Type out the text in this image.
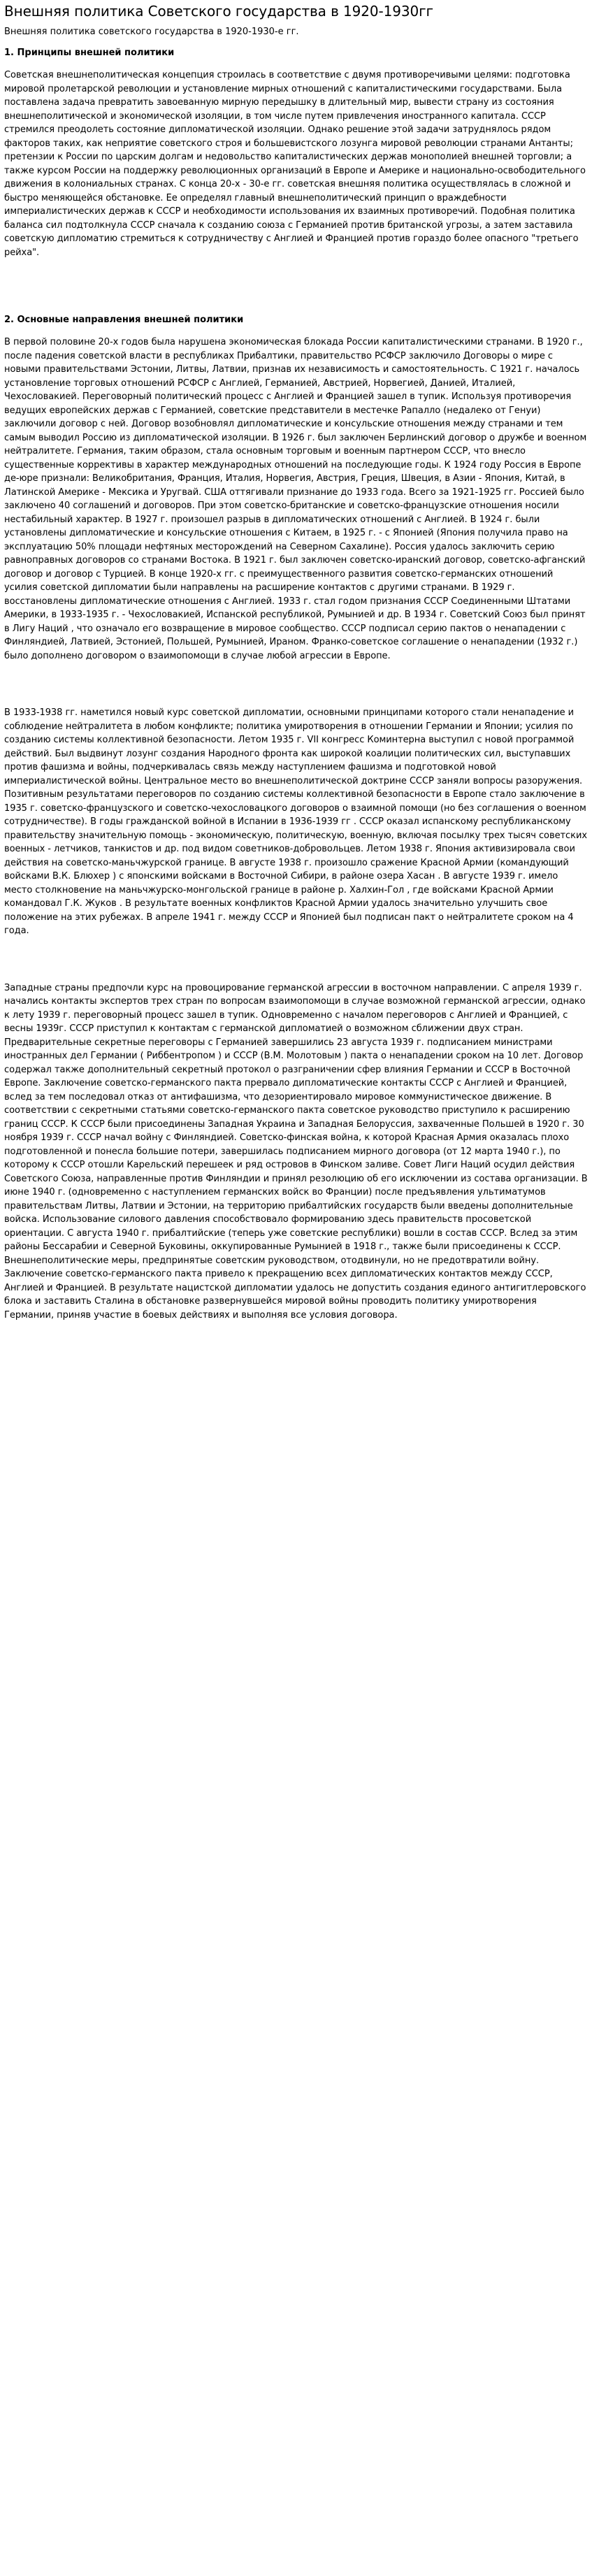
Внешняя политика Советского государства в 1920-1930гг

Внешняя политика советского государства в 1920-1930-е гг.

1. Принципы внешней политики

Советская внешнеполитическая концепция строилась в соответствие с двумя противоречивыми целями: подготовка мировой пролетарской революции и установление мирных отношений с капиталистическими государствами. Была поставлена задача превратить завоеванную мирную передышку в длительный мир, вывести страну из состояния внешнеполитической и экономической изоляции, в том числе путем привлечения иностранного капитала. СССР стремился преодолеть состояние дипломатической изоляции. Однако решение этой задачи затруднялось рядом факторов таких, как неприятие советского строя и большевистского лозунга мировой революции странами Антанты; претензии к России по царским долгам и недовольство капиталистических держав монополией внешней торговли; а также курсом России на поддержку революционных организаций в Европе и Америке и национально-освободительного движения в колониальных странах. С конца 20-х - 30-е гг. советская внешняя политика осуществлялась в сложной и быстро меняющейся обстановке. Ее определял главный внешнеполитический принцип о враждебности империалистических держав к СССР и необходимости использования их взаимных противоречий. Подобная политика баланса сил подтолкнула СССР сначала к созданию союза с Германией против британской угрозы, а затем заставила советскую дипломатию стремиться к сотрудничеству с Англией и Францией против гораздо более опасного "третьего рейха".

2. Основные направления внешней политики

В первой половине 20-х годов была нарушена экономическая блокада России капиталистическими странами. В 1920 г., после падения советской власти в республиках Прибалтики, правительство РСФСР заключило Договоры о мире с новыми правительствами Эстонии, Литвы, Латвии, признав их независимость и самостоятельность. С 1921 г. началось установление торговых отношений РСФСР с Англией, Германией, Австрией, Норвегией, Данией, Италией, Чехословакией. Переговорный политический процесс с Англией и Францией зашел в тупик. Используя противоречия ведущих европейских держав с Германией, советские представители в местечке Рапалло (недалеко от Генуи) заключили договор с ней. Договор возобновлял дипломатические и консульские отношения между странами и тем самым выводил Россию из дипломатической изоляции. В 1926 г. был заключен Берлинский договор о дружбе и военном нейтралитете. Германия, таким образом, стала основным торговым и военным партнером СССР, что внесло существенные коррективы в характер международных отношений на последующие годы. К 1924 году Россия в Европе де-юре признали: Великобритания, Франция, Италия, Норвегия, Австрия, Греция, Швеция, в Азии - Япония, Китай, в Латинской Америке - Мексика и Уругвай. США оттягивали признание до 1933 года. Всего за 1921-1925 гг. Россией было заключено 40 соглашений и договоров. При этом советско-британские и советско-французские отношения носили нестабильный характер. В 1927 г. произошел разрыв в дипломатических отношений с Англией. В 1924 г. были установлены дипломатические и консульские отношения с Китаем, в 1925 г. - с Японией (Япония получила право на эксплуатацию 50% площади нефтяных месторождений на Северном Сахалине). Россия удалось заключить серию равноправных договоров со странами Востока. В 1921 г. был заключен советско-иранский договор, советско-афганский договор и договор с Турцией. В конце 1920-х гг. с преимущественного развития советско-германских отношений усилия советской дипломатии были направлены на расширение контактов с другими странами. В 1929 г. восстановлены дипломатические отношения с Англией. 1933 г. стал годом признания СССР Соединенными Штатами Америки, в 1933-1935 г. - Чехословакией, Испанской республикой, Румынией и др. В 1934 г. Советский Союз был принят в Лигу Наций , что означало его возвращение в мировое сообщество. СССР подписал серию пактов о ненападении с Финляндией, Латвией, Эстонией, Польшей, Румынией, Ираном. Франко-советское соглашение о ненападении (1932 г.) было дополнено договором о взаимопомощи в случае любой агрессии в Европе.

В 1933-1938 гг. наметился новый курс советской дипломатии, основными принципами которого стали ненападение и соблюдение нейтралитета в любом конфликте; политика умиротворения в отношении Германии и Японии; усилия по созданию системы коллективной безопасности. Летом 1935 г. VII конгресс Коминтерна выступил с новой программой действий. Был выдвинут лозунг создания Народного фронта как широкой коалиции политических сил, выступавших против фашизма и войны, подчеркивалась связь между наступлением фашизма и подготовкой новой империалистической войны. Центральное место во внешнеполитической доктрине СССР заняли вопросы разоружения. Позитивным результатами переговоров по созданию системы коллективной безопасности в Европе стало заключение в 1935 г. советско-французского и советско-чехословацкого договоров о взаимной помощи (но без соглашения о военном сотрудничестве). В годы гражданской войной в Испании в 1936-1939 гг . СССР оказал испанскому республиканскому правительству значительную помощь - экономическую, политическую, военную, включая посылку трех тысяч советских военных - летчиков, танкистов и др. под видом советников-добровольцев. Летом 1938 г. Япония активизировала свои действия на советско-маньчжурской границе. В августе 1938 г. произошло сражение Красной Армии (командующий войсками В.К. Блюхер ) с японскими войсками в Восточной Сибири, в районе озера Хасан . В августе 1939 г. имело место столкновение на маньчжурско-монгольской границе в районе р. Халхин-Гол , где войсками Красной Армии командовал Г.К. Жуков . В результате военных конфликтов Красной Армии удалось значительно улучшить свое положение на этих рубежах. В апреле 1941 г. между СССР и Японией был подписан пакт о нейтралитете сроком на 4 года.

Западные страны предпочли курс на провоцирование германской агрессии в восточном направлении. С апреля 1939 г. начались контакты экспертов трех стран по вопросам взаимопомощи в случае возможной германской агрессии, однако к лету 1939 г. переговорный процесс зашел в тупик. Одновременно с началом переговоров с Англией и Францией, с весны 1939г. СССР приступил к контактам с германской дипломатией о возможном сближении двух стран. Предварительные секретные переговоры с Германией завершились 23 августа 1939 г. подписанием министрами иностранных дел Германии ( Риббентропом ) и СССР (В.М. Молотовым ) пакта о ненападении сроком на 10 лет. Договор содержал также дополнительный секретный протокол о разграничении сфер влияния Германии и СССР в Восточной Европе. Заключение советско-германского пакта прервало дипломатические контакты СССР с Англией и Францией, вслед за тем последовал отказ от антифашизма, что дезориентировало мировое коммунистическое движение. В соответствии с секретными статьями советско-германского пакта советское руководство приступило к расширению границ СССР. К СССР были присоединены Западная Украина и Западная Белоруссия, захваченные Польшей в 1920 г. 30 ноября 1939 г. СССР начал войну с Финляндией. Советско-финская война, к которой Красная Армия оказалась плохо подготовленной и понесла большие потери, завершилась подписанием мирного договора (от 12 марта 1940 г.), по которому к СССР отошли Карельский перешеек и ряд островов в Финском заливе. Совет Лиги Наций осудил действия Советского Союза, направленные против Финляндии и принял резолюцию об его исключении из состава организации. В июне 1940 г. (одновременно с наступлением германских войск во Франции) после предъявления ультиматумов правительствам Литвы, Латвии и Эстонии, на территорию прибалтийских государств были введены дополнительные войска. Использование силового давления способствовало формированию здесь правительств просоветской ориентации. С августа 1940 г. прибалтийские (теперь уже советские республики) вошли в состав СССР. Вслед за этим районы Бессарабии и Северной Буковины, оккупированные Румынией в 1918 г., также были присоединены к СССР. Внешнеполитические меры, предпринятые советским руководством, отодвинули, но не предотвратили войну. Заключение советско-германского пакта привело к прекращению всех дипломатических контактов между СССР, Англией и Францией. В результате нацистской дипломатии удалось не допустить создания единого антигитлеровского блока и заставить Сталина в обстановке развернувшейся мировой войны проводить политику умиротворения Германии, приняв участие в боевых действиях и выполняя все условия договора.
